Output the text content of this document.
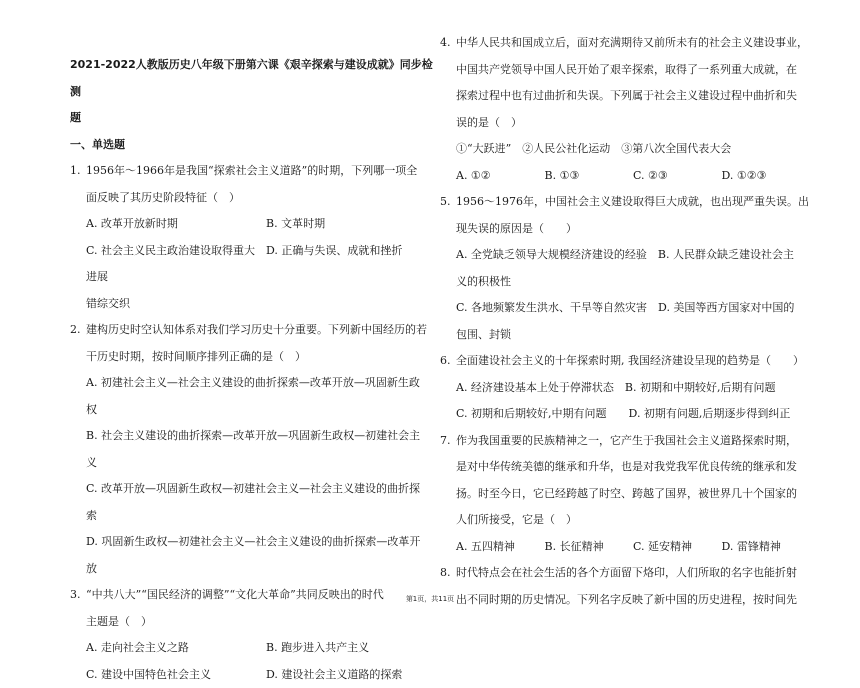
2021-2022人教版历史八年级下册第六课《艰辛探索与建设成就》同步检测
题
一、单选题
1. 1956年～1966年是我国“探索社会主义道路”的时期，下列哪一项全
面反映了其历史阶段特征（　）
A. 改革开放新时期	B. 文革时期
C. 社会主义民主政治建设取得重大进展
D. 正确与失误、成就和挫折
错综交织
2. 建构历史时空认知体系对我们学习历史十分重要。下列新中国经历的若
干历史时期，按时间顺序排列正确的是（　）
A. 初建社会主义—社会主义建设的曲折探索—改革开放—巩固新生政
权
B. 社会主义建设的曲折探索—改革开放—巩固新生政权—初建社会主
义
C. 改革开放—巩固新生政权—初建社会主义—社会主义建设的曲折探
索
D. 巩固新生政权—初建社会主义—社会主义建设的曲折探索—改革开
放
3. “中共八大”“国民经济的调整”“文化大革命”共同反映出的时代
主题是（　）
A. 走向社会主义之路	B. 跑步进入共产主义
C. 建设中国特色社会主义	D. 建设社会主义道路的探索
4. 中华人民共和国成立后，面对充满期待又前所未有的社会主义建设事业，
中国共产党领导中国人民开始了艰辛探索，取得了一系列重大成就，在
探索过程中也有过曲折和失误。下列属于社会主义建设过程中曲折和失
误的是（　）
①“大跃进”　②人民公社化运动　③第八次全国代表大会
A. ①②	B. ①③	C. ②③	D. ①②③
5. 1956～1976年，中国社会主义建设取得巨大成就，也出现严重失误。出
现失误的原因是（　　）
A. 全党缺乏领导大规模经济建设的经验　B. 人民群众缺乏建设社会主
义的积极性
C. 各地频繁发生洪水、干旱等自然灾害　D. 美国等西方国家对中国的
包围、封锁
6. 全面建设社会主义的十年探索时期, 我国经济建设呈现的趋势是（　　）
A. 经济建设基本上处于停滞状态　B. 初期和中期较好,后期有问题
C. 初期和后期较好,中期有问题　　D. 初期有问题,后期逐步得到纠正
7. 作为我国重要的民族精神之一，它产生于我国社会主义道路探索时期，
是对中华传统美德的继承和升华，也是对我党我军优良传统的继承和发
扬。时至今日，它已经跨越了时空、跨越了国界，被世界几十个国家的
人们所接受，它是（　）
A. 五四精神	B. 长征精神	C. 延安精神	D. 雷锋精神
8. 时代特点会在社会生活的各个方面留下烙印，人们所取的名字也能折射
出不同时期的历史情况。下列名字反映了新中国的历史进程，按时间先
第1页，共11页
